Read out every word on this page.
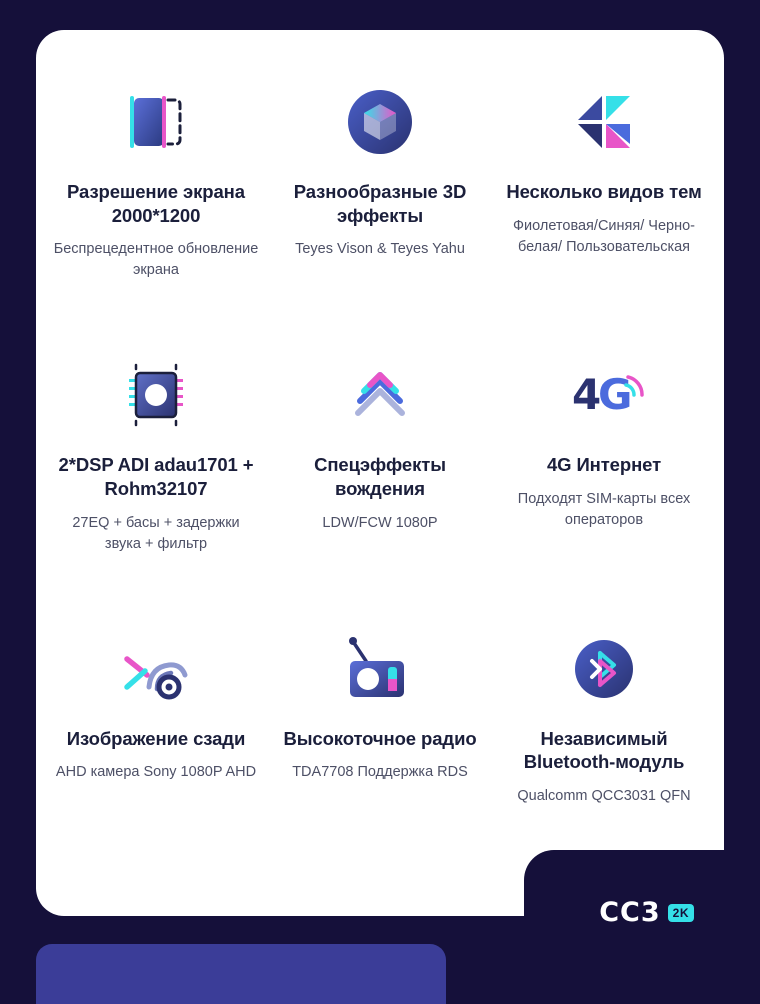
Разрешение экрана 2000*1200
Беспрецедентное обновление экрана
Разнообразные 3D эффекты
Teyes Vison & Teyes Yahu
Несколько видов тем
Фиолетовая/Синяя/ Черно-белая/ Пользовательская
2*DSP ADI adau1701 + Rohm32107
27EQ + басы + задержки звука + фильтр
Спецэффекты вождения
LDW/FCW 1080P
4
G
4G Интернет
Подходят SIM-карты всех операторов
Изображение сзади
AHD камера Sony 1080P AHD
Высокоточное радио
TDA7708 Поддержка RDS
Независимый Bluetooth-модуль
Qualcomm QCC3031 QFN
CC3	2K
